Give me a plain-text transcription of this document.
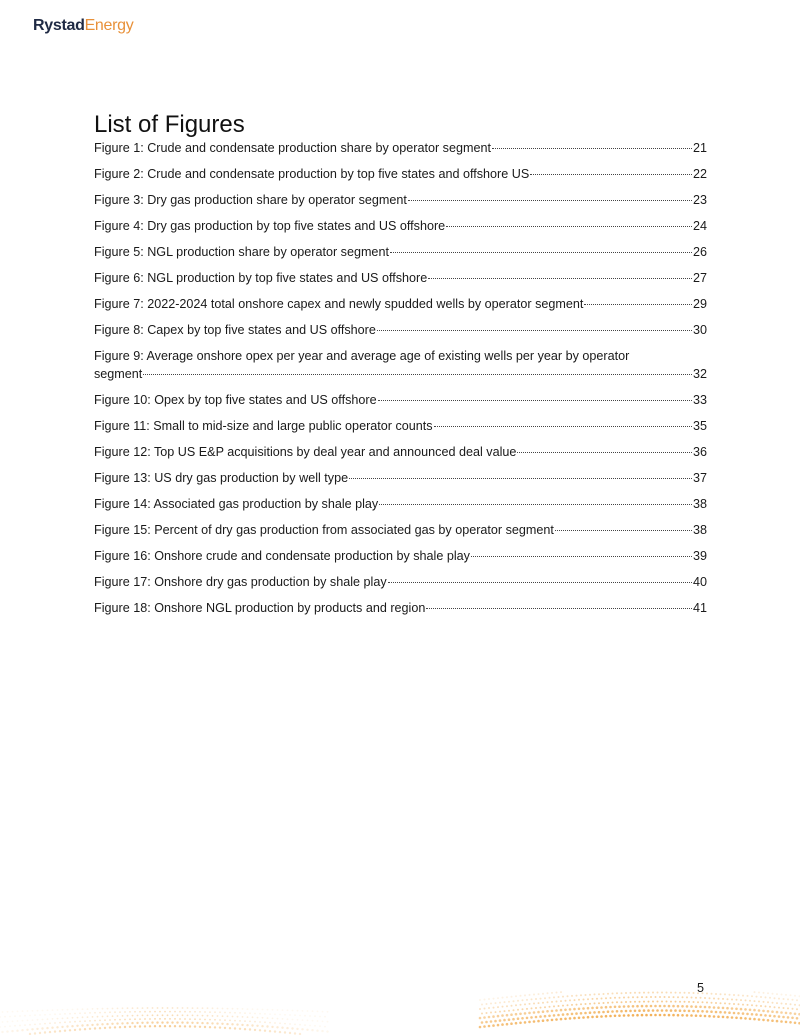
RystadEnergy
List of Figures
Figure 1: Crude and condensate production share by operator segment	21
Figure 2: Crude and condensate production by top five states and offshore US	22
Figure 3: Dry gas production share by operator segment	23
Figure 4: Dry gas production by top five states and US offshore	24
Figure 5: NGL production share by operator segment	26
Figure 6: NGL production by top five states and US offshore	27
Figure 7: 2022-2024 total onshore capex and newly spudded wells by operator segment	29
Figure 8: Capex by top five states and US offshore	30
Figure 9: Average onshore opex per year and average age of existing wells per year by operator
segment	32
Figure 10: Opex by top five states and US offshore	33
Figure 11: Small to mid-size and large public operator counts	35
Figure 12: Top US E&P acquisitions by deal year and announced deal value	36
Figure 13: US dry gas production by well type	37
Figure 14: Associated gas production by shale play	38
Figure 15: Percent of dry gas production from associated gas by operator segment	38
Figure 16: Onshore crude and condensate production by shale play	39
Figure 17: Onshore dry gas production by shale play	40
Figure 18: Onshore NGL production by products and region	41
5
